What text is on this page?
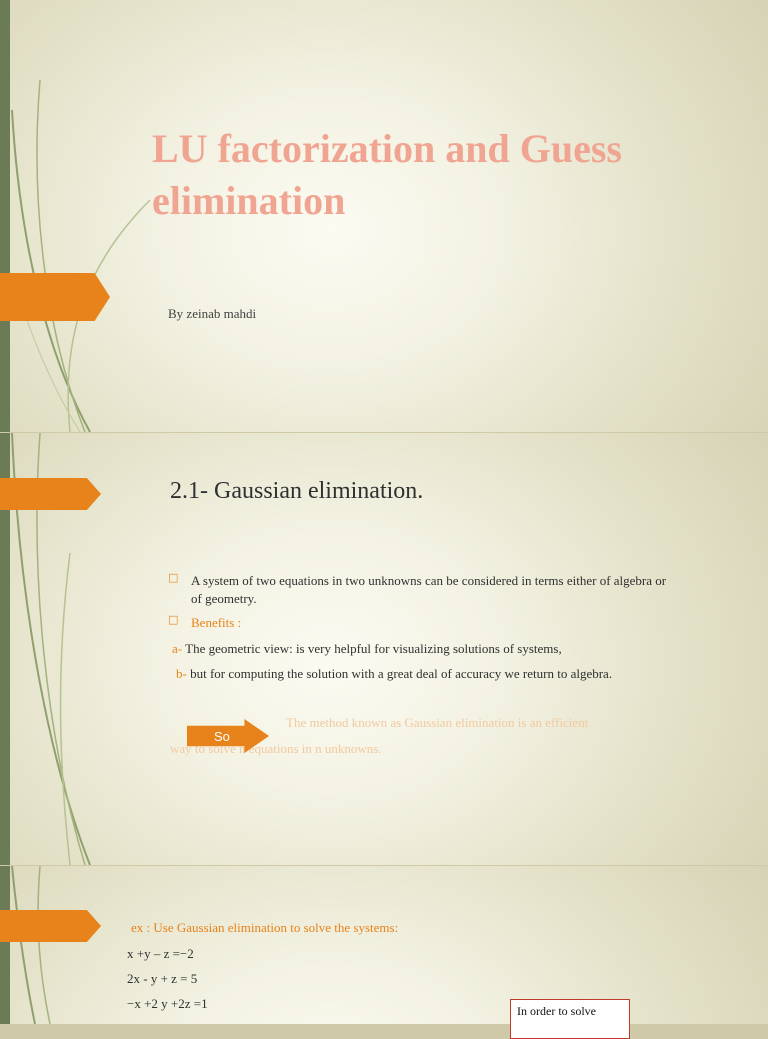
LU factorization and Guess elimination
By zeinab mahdi
2.1- Gaussian elimination.
□ A system of two equations in two unknowns can be considered in terms either of algebra or
of geometry.
□ Benefits :
a- The geometric view: is very helpful for visualizing solutions of systems,
b- but for computing the solution with a great deal of accuracy we return to algebra.
The method known as Gaussian elimination is an efficient
way to solve n equations in n unknowns.
So
ex : Use Gaussian elimination to solve the systems:
x +y – z =−2
2x - y + z = 5
−x +2 y +2z =1	In order to solve
